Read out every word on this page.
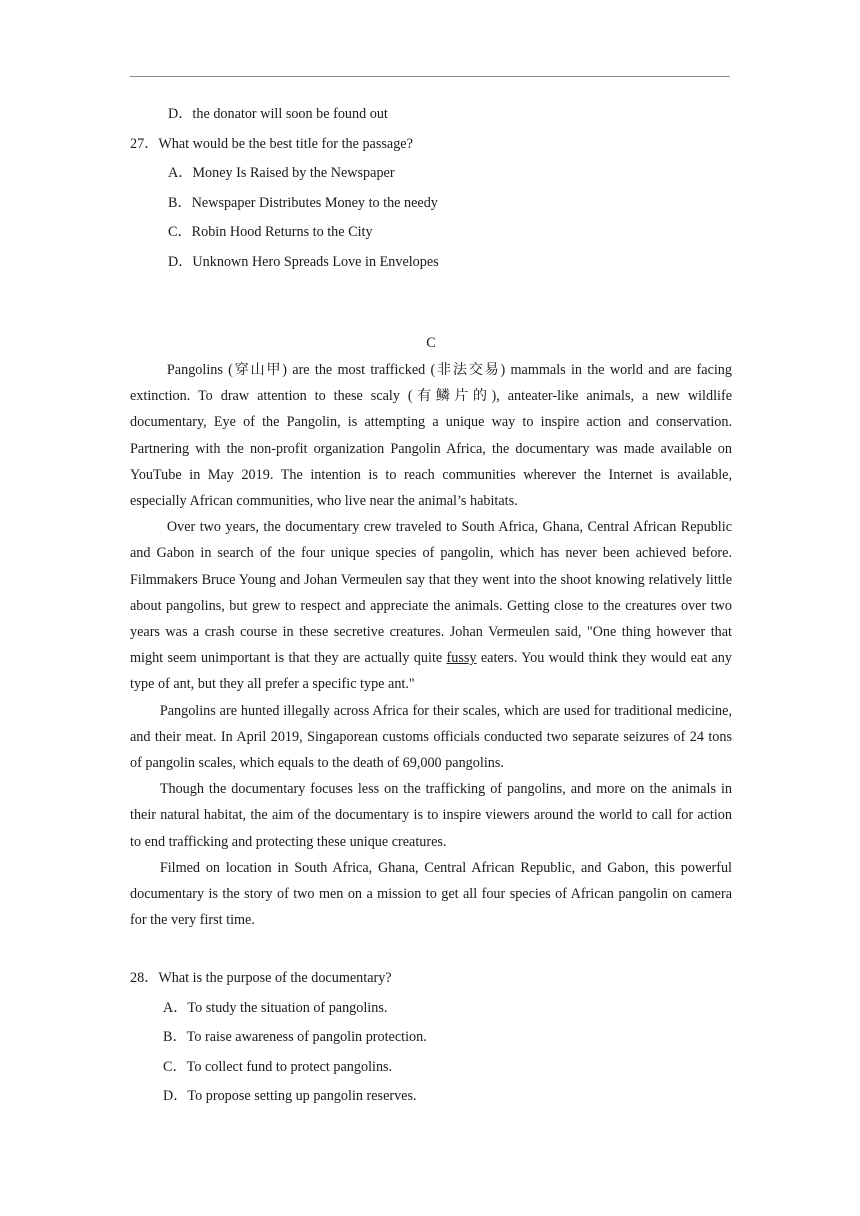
D．the donator will soon be found out
27．What would be the best title for the passage?
A．Money Is Raised by the Newspaper
B．Newspaper Distributes Money to the needy
C．Robin Hood Returns to the City
D．Unknown Hero Spreads Love in Envelopes
C

Pangolins (穿山甲) are the most trafficked (非法交易) mammals in the world and are facing extinction. To draw attention to these scaly (有鳞片的), anteater-like animals, a new wildlife documentary, Eye of the Pangolin, is attempting a unique way to inspire action and conservation. Partnering with the non-profit organization Pangolin Africa, the documentary was made available on YouTube in May 2019. The intention is to reach communities wherever the Internet is available, especially African communities, who live near the animal’s habitats.

Over two years, the documentary crew traveled to South Africa, Ghana, Central African Republic and Gabon in search of the four unique species of pangolin, which has never been achieved before. Filmmakers Bruce Young and Johan Vermeulen say that they went into the shoot knowing relatively little about pangolins, but grew to respect and appreciate the animals. Getting close to the creatures over two years was a crash course in these secretive creatures. Johan Vermeulen said, "One thing however that might seem unimportant is that they are actually quite fussy eaters. You would think they would eat any type of ant, but they all prefer a specific type ant."

Pangolins are hunted illegally across Africa for their scales, which are used for traditional medicine, and their meat. In April 2019, Singaporean customs officials conducted two separate seizures of 24 tons of pangolin scales, which equals to the death of 69,000 pangolins.

Though the documentary focuses less on the trafficking of pangolins, and more on the animals in their natural habitat, the aim of the documentary is to inspire viewers around the world to call for action to end trafficking and protecting these unique creatures.

Filmed on location in South Africa, Ghana, Central African Republic, and Gabon, this powerful documentary is the story of two men on a mission to get all four species of African pangolin on camera for the very first time.

28．What is the purpose of the documentary?
A．To study the situation of pangolins.
B．To raise awareness of pangolin protection.
C．To collect fund to protect pangolins.
D．To propose setting up pangolin reserves.
